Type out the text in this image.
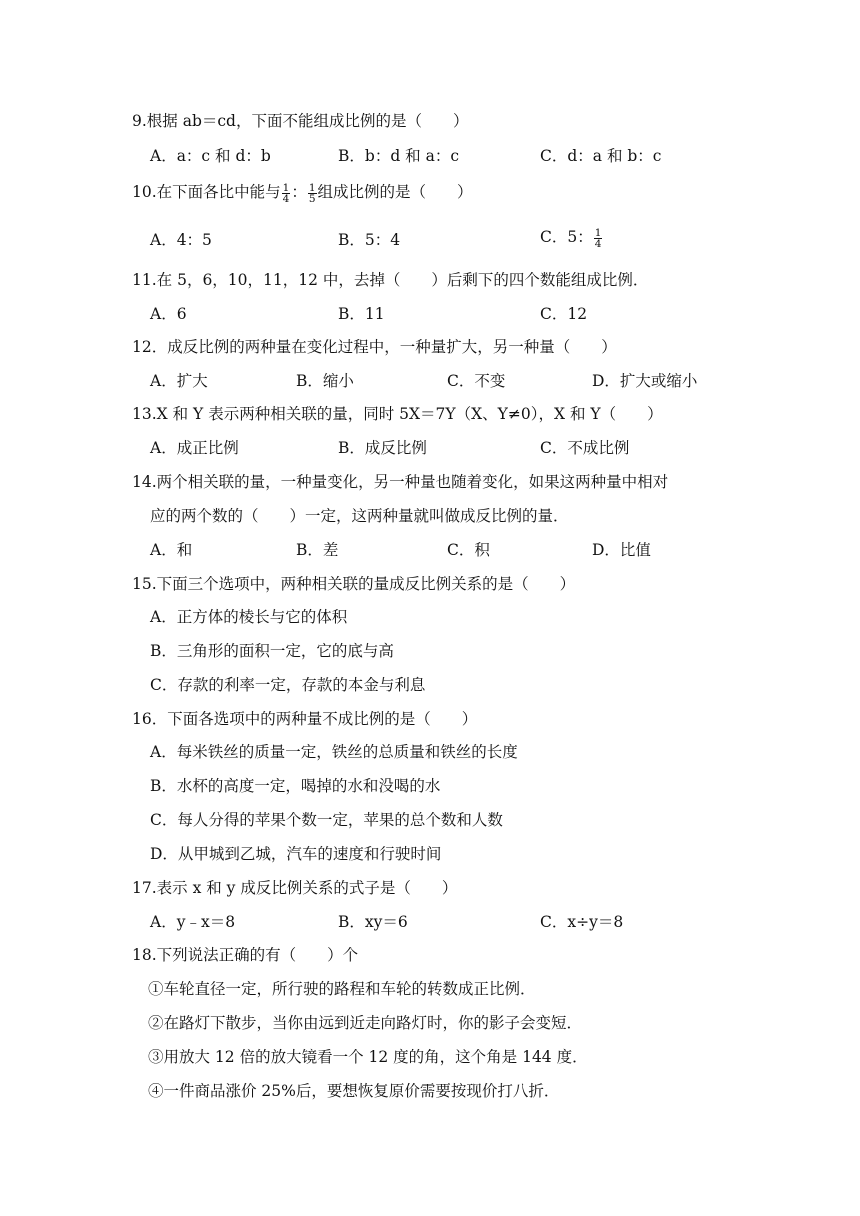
9.根据 ab＝cd，下面不能组成比例的是（　　）
A．a：c 和 d：b	B．b：d 和 a：c	C．d：a 和 b：c
10.在下面各比中能与 $\frac{1}{4}$ ： $\frac{1}{5}$ 组成比例的是（　　）
A．4：5	B．5：4	C．5： $\frac{1}{4}$
11.在 5，6，10，11，12 中，去掉（　　）后剩下的四个数能组成比例．
A．6	B．11	C．12
12．成反比例的两种量在变化过程中，一种量扩大，另一种量（　　）
A．扩大	B．缩小	C．不变	D．扩大或缩小
13.X 和 Y 表示两种相关联的量，同时 5X＝7Y（X、Y≠0），X 和 Y（　　）
A．成正比例	B．成反比例	C．不成比例
14.两个相关联的量，一种量变化，另一种量也随着变化，如果这两种量中相对
应的两个数的（　　）一定，这两种量就叫做成反比例的量．
A．和	B．差	C．积	D．比值
15.下面三个选项中，两种相关联的量成反比例关系的是（　　）
A．正方体的棱长与它的体积
B．三角形的面积一定，它的底与高
C．存款的利率一定，存款的本金与利息
16．下面各选项中的两种量不成比例的是（　　）
A．每米铁丝的质量一定，铁丝的总质量和铁丝的长度
B．水杯的高度一定，喝掉的水和没喝的水
C．每人分得的苹果个数一定，苹果的总个数和人数
D．从甲城到乙城，汽车的速度和行驶时间
17.表示 x 和 y 成反比例关系的式子是（　　）
A．y﹣x＝8	B．xy＝6	C．x÷y＝8
18.下列说法正确的有（　　）个
①车轮直径一定，所行驶的路程和车轮的转数成正比例．
②在路灯下散步，当你由远到近走向路灯时，你的影子会变短．
③用放大 12 倍的放大镜看一个 12 度的角，这个角是 144 度．
④一件商品涨价 25%后，要想恢复原价需要按现价打八折．
